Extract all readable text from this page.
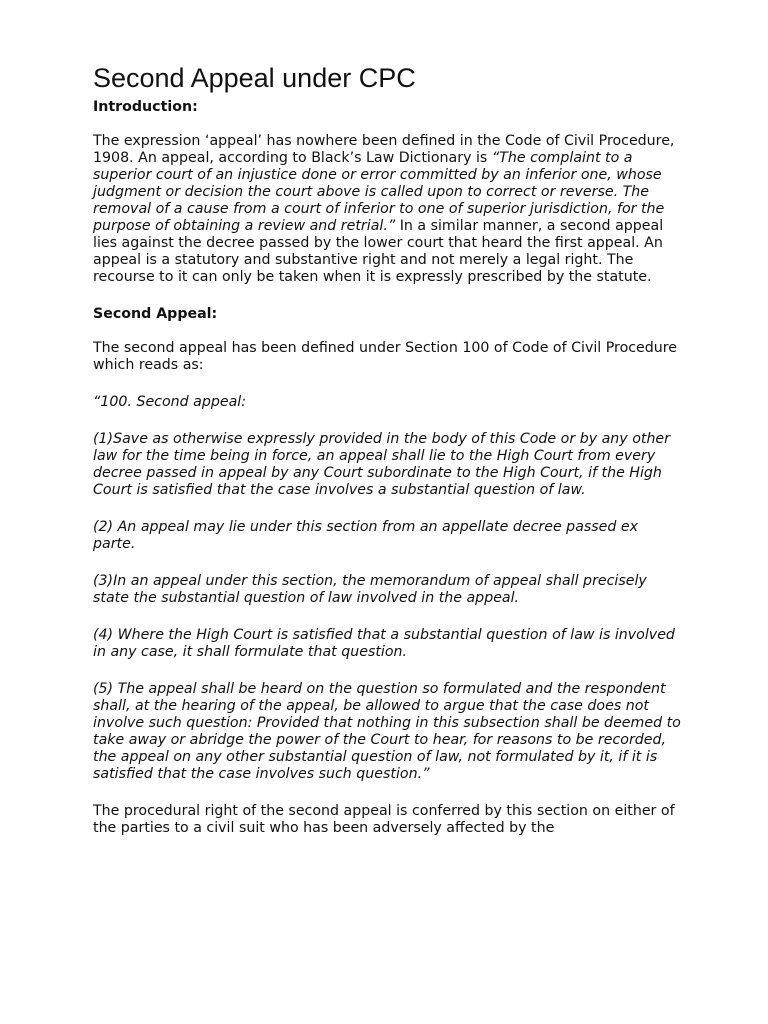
Second Appeal under CPC

Introduction:

The expression ‘appeal’ has nowhere been defined in the Code of Civil Procedure, 1908. An appeal, according to Black’s Law Dictionary is “The complaint to a superior court of an injustice done or error committed by an inferior one, whose judgment or decision the court above is called upon to correct or reverse. The removal of a cause from a court of inferior to one of superior jurisdiction, for the purpose of obtaining a review and retrial.” In a similar manner, a second appeal lies against the decree passed by the lower court that heard the first appeal. An appeal is a statutory and substantive right and not merely a legal right. The recourse to it can only be taken when it is expressly prescribed by the statute.

Second Appeal:

The second appeal has been defined under Section 100 of Code of Civil Procedure which reads as:

“100. Second appeal:

(1)Save as otherwise expressly provided in the body of this Code or by any other law for the time being in force, an appeal shall lie to the High Court from every decree passed in appeal by any Court subordinate to the High Court, if the High Court is satisfied that the case involves a substantial question of law.

(2) An appeal may lie under this section from an appellate decree passed ex parte.

(3)In an appeal under this section, the memorandum of appeal shall precisely state the substantial question of law involved in the appeal.

(4) Where the High Court is satisfied that a substantial question of law is involved in any case, it shall formulate that question.

(5) The appeal shall be heard on the question so formulated and the respondent shall, at the hearing of the appeal, be allowed to argue that the case does not involve such question: Provided that nothing in this subsection shall be deemed to take away or abridge the power of the Court to hear, for reasons to be recorded, the appeal on any other substantial question of law, not formulated by it, if it is satisfied that the case involves such question.”

The procedural right of the second appeal is conferred by this section on either of the parties to a civil suit who has been adversely affected by the
